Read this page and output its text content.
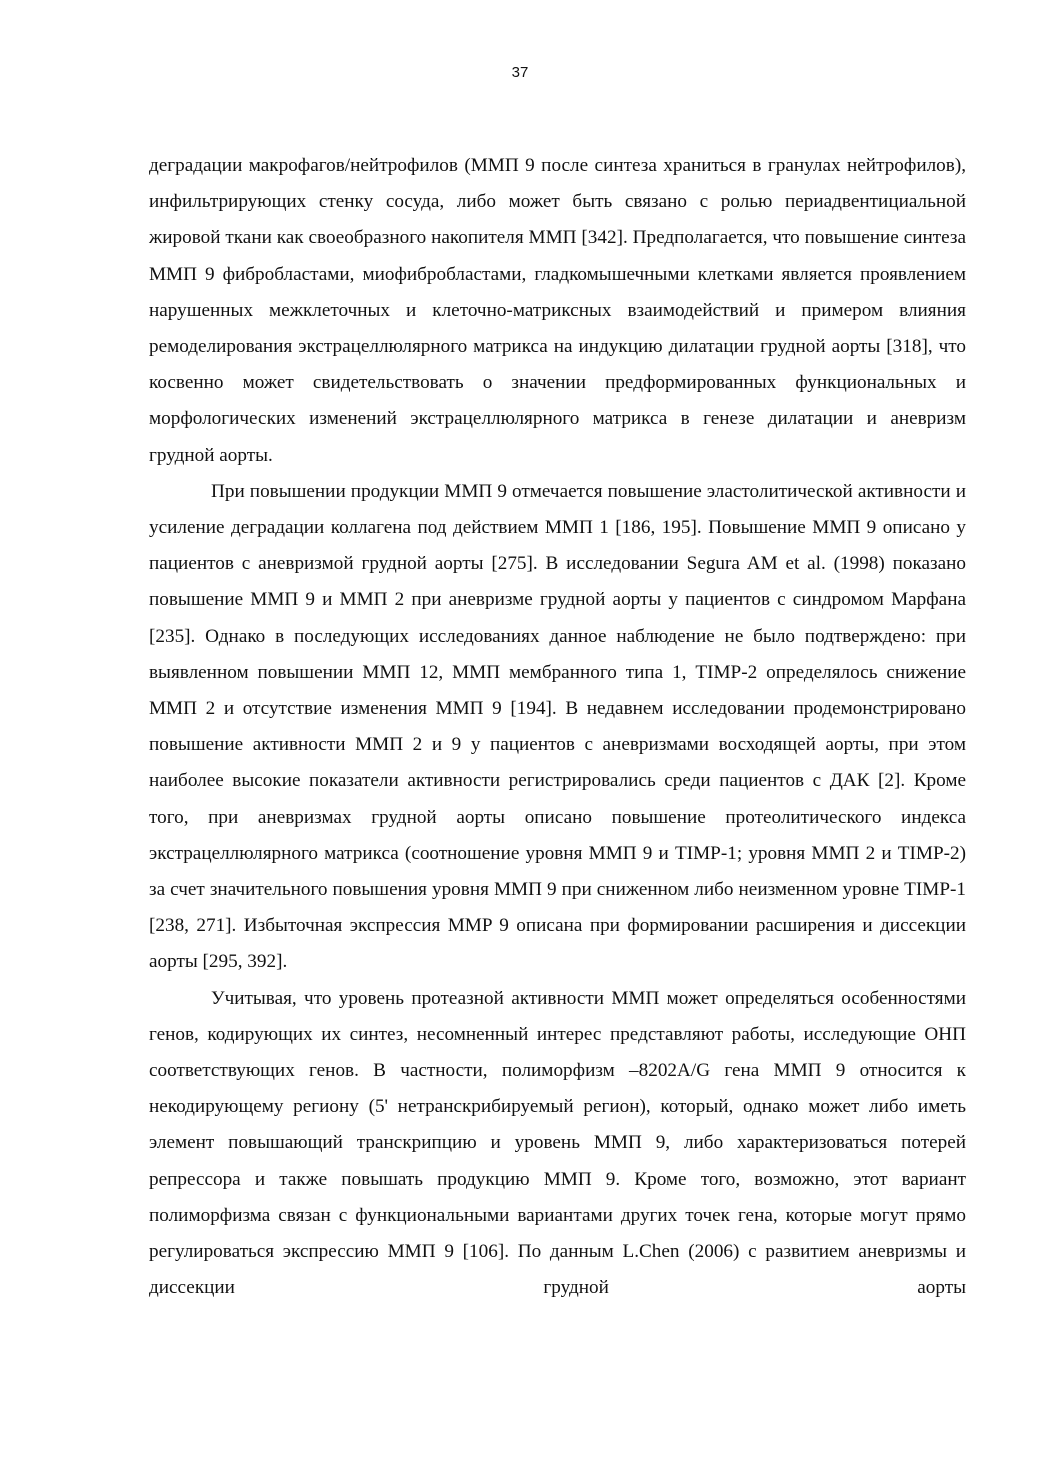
37

деградации макрофагов/нейтрофилов (ММП 9 после синтеза храниться в гранулах нейтрофилов), инфильтрирующих стенку сосуда, либо может быть связано с ролью периадвентициальной жировой ткани как своеобразного накопителя ММП [342]. Предполагается, что повышение синтеза ММП 9 фибробластами, миофибробластами, гладкомышечными клетками является проявлением нарушенных межклеточных и клеточно-матриксных взаимодействий и примером влияния ремоделирования экстрацеллюлярного матрикса на индукцию дилатации грудной аорты [318], что косвенно может свидетельствовать о значении предформированных функциональных и морфологических изменений экстрацеллюлярного матрикса в генезе дилатации и аневризм грудной аорты.

При повышении продукции ММП 9 отмечается повышение эластолитической активности и усиление деградации коллагена под действием ММП 1 [186, 195]. Повышение ММП 9 описано у пациентов с аневризмой грудной аорты [275]. В исследовании Segura AM et al. (1998) показано повышение ММП 9 и ММП 2 при аневризме грудной аорты у пациентов с синдромом Марфана [235]. Однако в последующих исследованиях данное наблюдение не было подтверждено: при выявленном повышении ММП 12, ММП мембранного типа 1, TIMP-2 определялось снижение ММП 2 и отсутствие изменения ММП 9 [194]. В недавнем исследовании продемонстрировано повышение активности ММП 2 и 9 у пациентов с аневризмами восходящей аорты, при этом наиболее высокие показатели активности регистрировались среди пациентов с ДАК [2]. Кроме того, при аневризмах грудной аорты описано повышение протеолитического индекса экстрацеллюлярного матрикса (соотношение уровня ММП 9 и TIMP-1; уровня ММП 2 и TIMP-2) за счет значительного повышения уровня ММП 9 при сниженном либо неизменном уровне TIMP-1 [238, 271]. Избыточная экспрессия MMP 9 описана при формировании расширения и диссекции аорты [295, 392].

Учитывая, что уровень протеазной активности ММП может определяться особенностями генов, кодирующих их синтез, несомненный интерес представляют работы, исследующие ОНП соответствующих генов. В частности, полиморфизм –8202A/G гена ММП 9 относится к некодирующему региону (5' нетранскрибируемый регион), который, однако может либо иметь элемент повышающий транскрипцию и уровень ММП 9, либо характеризоваться потерей репрессора и также повышать продукцию ММП 9. Кроме того, возможно, этот вариант полиморфизма связан с функциональными вариантами других точек гена, которые могут прямо регулироваться экспрессию ММП 9 [106]. По данным L.Chen (2006) с развитием аневризмы и диссекции грудной аорты
